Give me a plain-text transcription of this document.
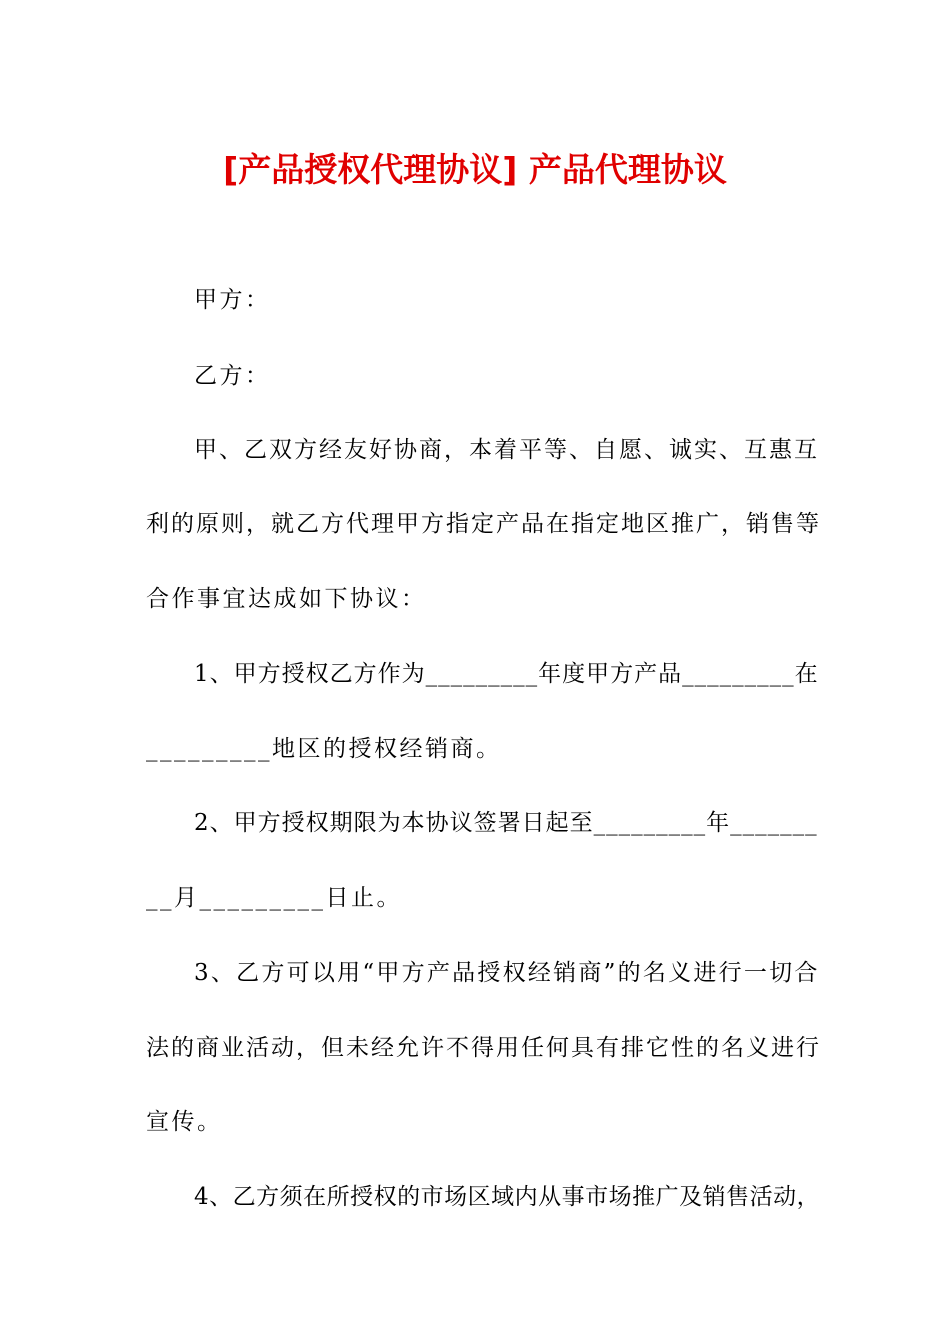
[产品授权代理协议] 产品代理协议
甲方：
乙方：
甲、乙双方经友好协商，本着平等、自愿、诚实、互惠互
利的原则，就乙方代理甲方指定产品在指定地区推广，销售等
合作事宜达成如下协议：
1、甲方授权乙方作为_________年度甲方产品_________在
_________地区的授权经销商。
2、甲方授权期限为本协议签署日起至_________年_______
__月_________日止。
3、乙方可以用“甲方产品授权经销商”的名义进行一切合
法的商业活动，但未经允许不得用任何具有排它性的名义进行
宣传。
4、乙方须在所授权的市场区域内从事市场推广及销售活动，
